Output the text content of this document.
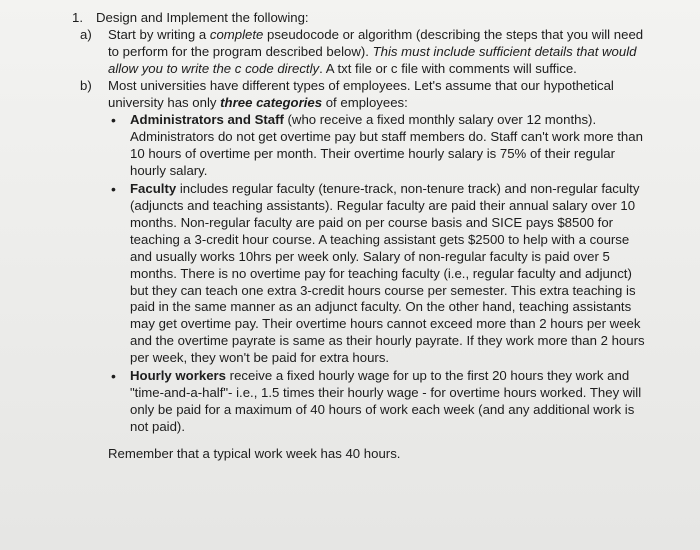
1. Design and Implement the following:
a)	Start by writing a complete pseudocode or algorithm (describing the steps that you will need to perform for the program described below). This must include sufficient details that would allow you to write the c code directly. A txt file or c file with comments will suffice.
b)	Most universities have different types of employees. Let's assume that our hypothetical university has only three categories of employees:
•	Administrators and Staff (who receive a fixed monthly salary over 12 months). Administrators do not get overtime pay but staff members do. Staff can't work more than 10 hours of overtime per month. Their overtime hourly salary is 75% of their regular hourly salary.
•	Faculty includes regular faculty (tenure-track, non-tenure track) and non-regular faculty (adjuncts and teaching assistants). Regular faculty are paid their annual salary over 10 months. Non-regular faculty are paid on per course basis and SICE pays $8500 for teaching a 3-credit hour course. A teaching assistant gets $2500 to help with a course and usually works 10hrs per week only. Salary of non-regular faculty is paid over 5 months. There is no overtime pay for teaching faculty (i.e., regular faculty and adjunct) but they can teach one extra 3-credit hours course per semester. This extra teaching is paid in the same manner as an adjunct faculty. On the other hand, teaching assistants may get overtime pay. Their overtime hours cannot exceed more than 2 hours per week and the overtime payrate is same as their hourly payrate. If they work more than 2 hours per week, they won't be paid for extra hours.
•	Hourly workers receive a fixed hourly wage for up to the first 20 hours they work and "time-and-a-half"- i.e., 1.5 times their hourly wage - for overtime hours worked. They will only be paid for a maximum of 40 hours of work each week (and any additional work is not paid).
Remember that a typical work week has 40 hours.
